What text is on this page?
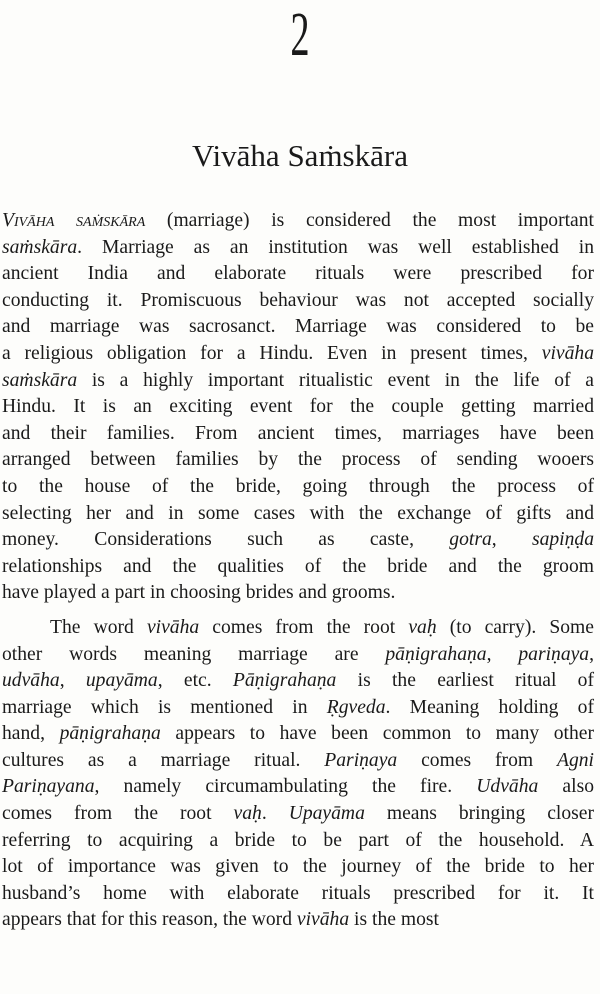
2
Vivāha Saṁskāra
Vivāha saṁskāra (marriage) is considered the most important
saṁskāra. Marriage as an institution was well established in
ancient India and elaborate rituals were prescribed for
conducting it. Promiscuous behaviour was not accepted socially
and marriage was sacrosanct. Marriage was considered to be
a religious obligation for a Hindu. Even in present times, vivāha
saṁskāra is a highly important ritualistic event in the life of a
Hindu. It is an exciting event for the couple getting married
and their families. From ancient times, marriages have been
arranged between families by the process of sending wooers
to the house of the bride, going through the process of
selecting her and in some cases with the exchange of gifts and
money. Considerations such as caste, gotra, sapiṇḍa
relationships and the qualities of the bride and the groom
have played a part in choosing brides and grooms.
The word vivāha comes from the root vaḥ (to carry). Some
other words meaning marriage are pāṇigrahaṇa, pariṇaya,
udvāha, upayāma, etc. Pāṇigrahaṇa is the earliest ritual of
marriage which is mentioned in Ṛgveda. Meaning holding of
hand, pāṇigrahaṇa appears to have been common to many other
cultures as a marriage ritual. Pariṇaya comes from Agni
Pariṇayana, namely circumambulating the fire. Udvāha also
comes from the root vaḥ. Upayāma means bringing closer
referring to acquiring a bride to be part of the household. A
lot of importance was given to the journey of the bride to her
husband’s home with elaborate rituals prescribed for it. It
appears that for this reason, the word vivāha is the most
